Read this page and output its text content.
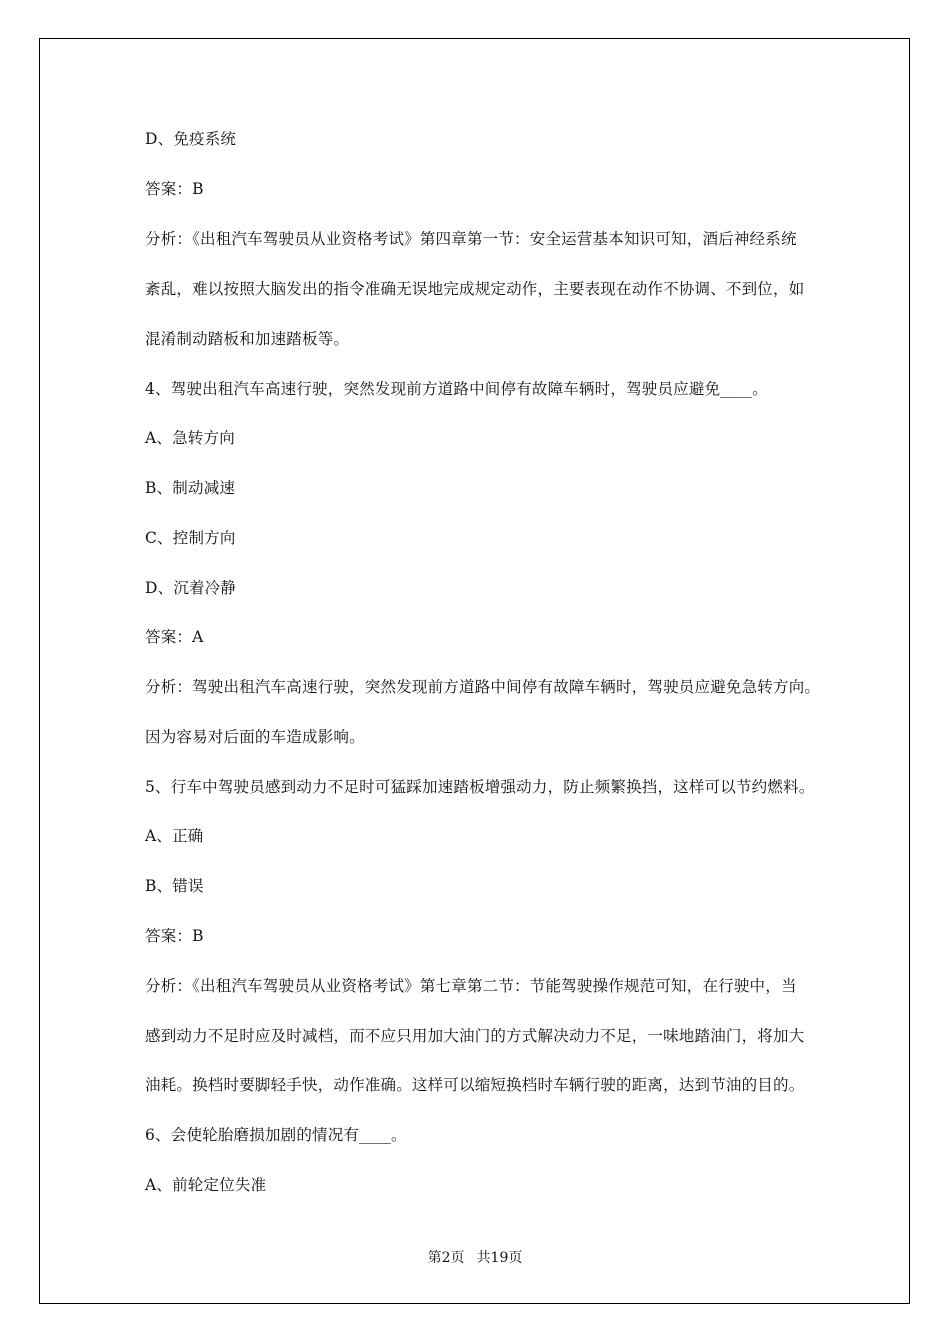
D、免疫系统
答案：B
分析：《出租汽车驾驶员从业资格考试》第四章第一节：安全运营基本知识可知，酒后神经系统
紊乱，难以按照大脑发出的指令准确无误地完成规定动作，主要表现在动作不协调、不到位，如
混淆制动踏板和加速踏板等。
4、驾驶出租汽车高速行驶，突然发现前方道路中间停有故障车辆时，驾驶员应避免____。
A、急转方向
B、制动减速
C、控制方向
D、沉着冷静
答案：A
分析：驾驶出租汽车高速行驶，突然发现前方道路中间停有故障车辆时，驾驶员应避免急转方向。
因为容易对后面的车造成影响。
5、行车中驾驶员感到动力不足时可猛踩加速踏板增强动力，防止频繁换挡，这样可以节约燃料。
A、正确
B、错误
答案：B
分析：《出租汽车驾驶员从业资格考试》第七章第二节：节能驾驶操作规范可知，在行驶中，当
感到动力不足时应及时减档，而不应只用加大油门的方式解决动力不足，一味地踏油门，将加大
油耗。换档时要脚轻手快，动作准确。这样可以缩短换档时车辆行驶的距离，达到节油的目的。
6、会使轮胎磨损加剧的情况有____。
A、前轮定位失准
第2页 共19页
